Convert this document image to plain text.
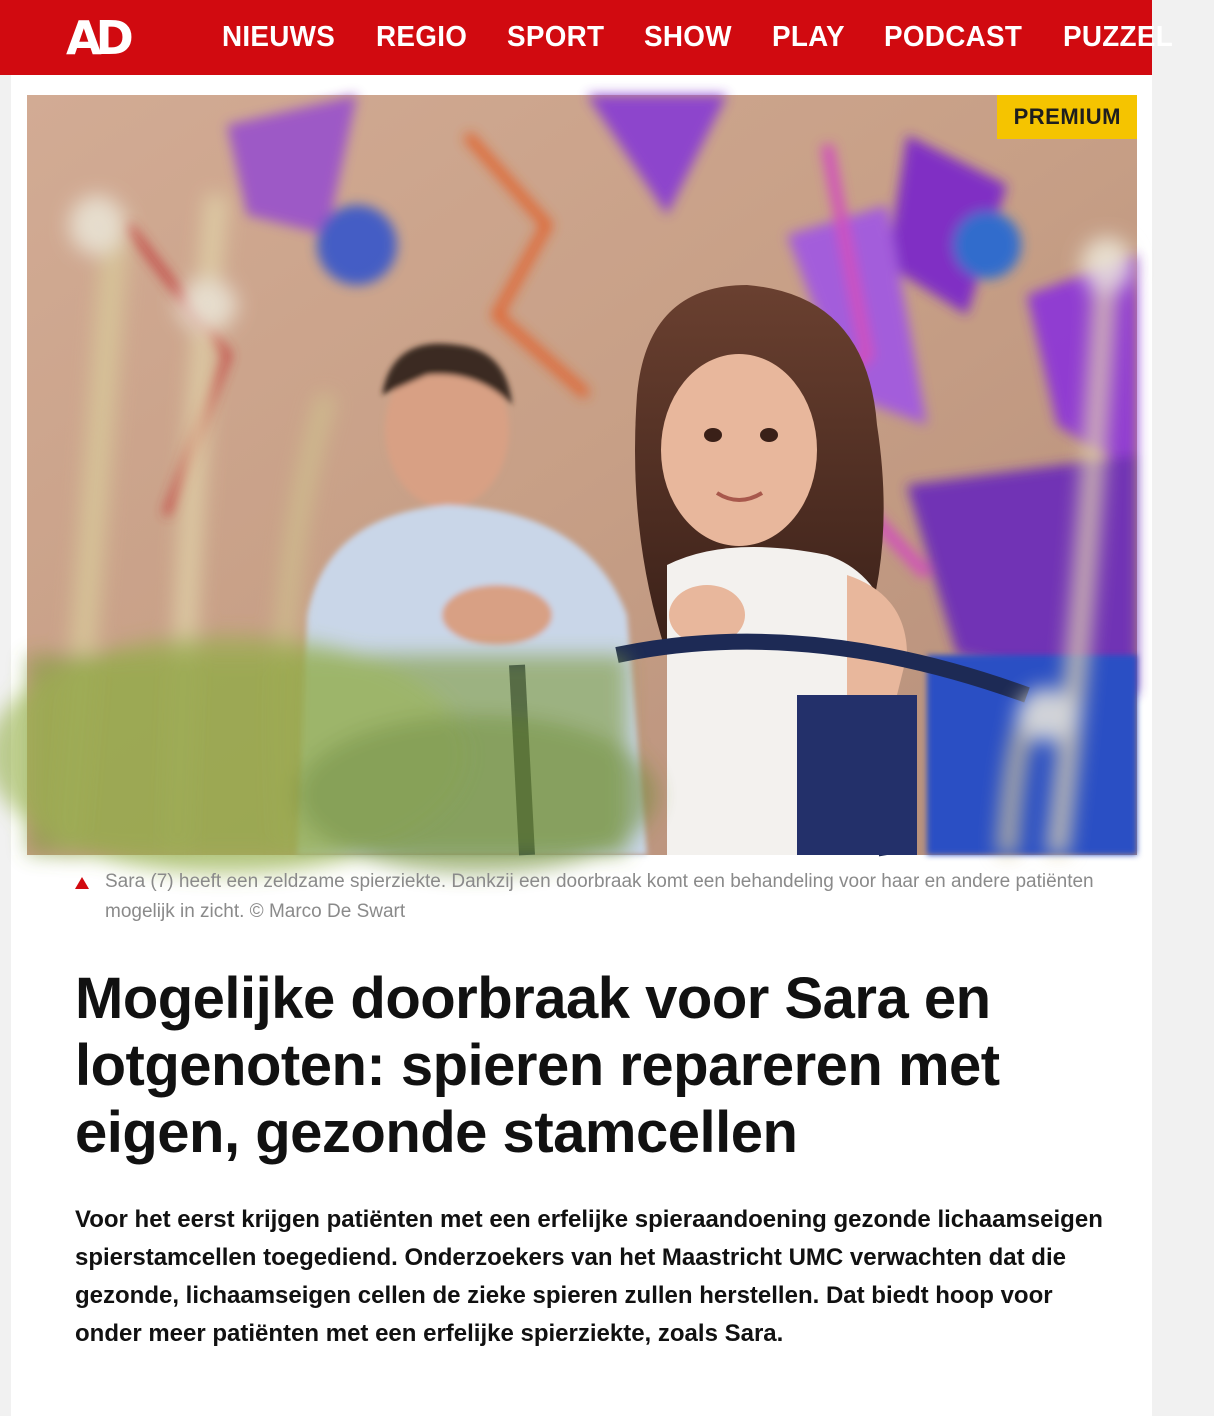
AD	NIEUWS REGIO SPORT SHOW PLAY PODCAST PUZZEL
PREMIUM
Sara (7) heeft een zeldzame spierziekte. Dankzij een doorbraak komt een behandeling voor haar en andere patiënten mogelijk in zicht. © Marco De Swart
Mogelijke doorbraak voor Sara en lotgenoten: spieren repareren met eigen, gezonde stamcellen

Voor het eerst krijgen patiënten met een erfelijke spieraandoening gezonde lichaamseigen spierstamcellen toegediend. Onderzoekers van het Maastricht UMC verwachten dat die gezonde, lichaamseigen cellen de zieke spieren zullen herstellen. Dat biedt hoop voor onder meer patiënten met een erfelijke spierziekte, zoals Sara.
